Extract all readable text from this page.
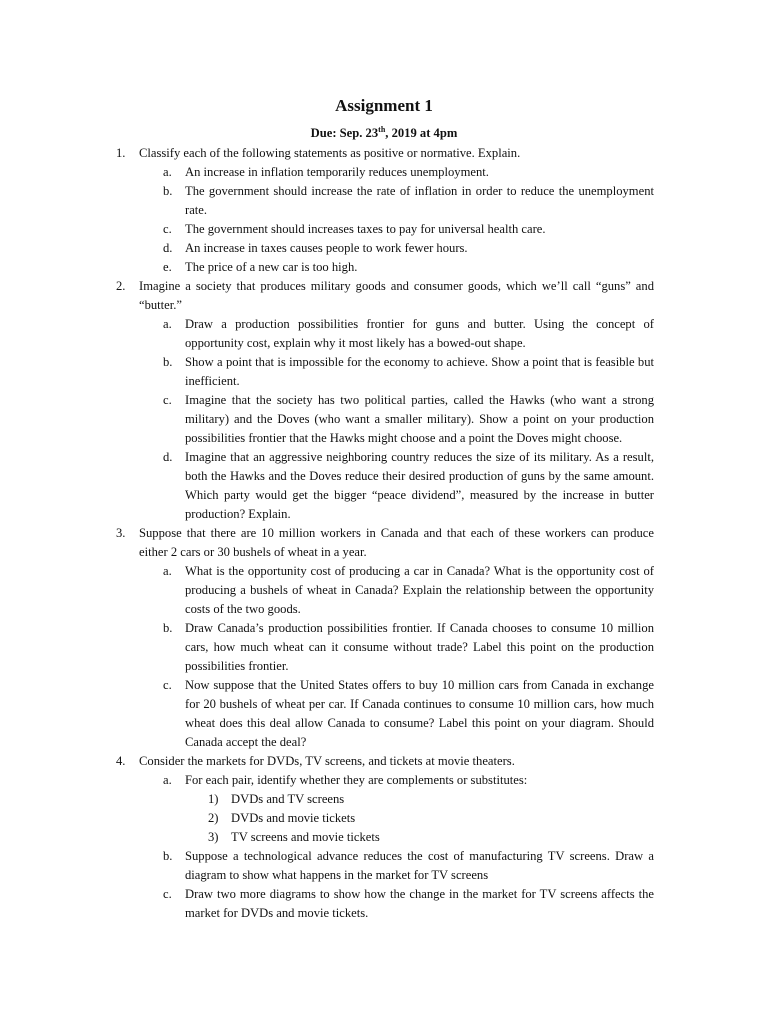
Assignment 1
Due: Sep. 23th, 2019 at 4pm
1. Classify each of the following statements as positive or normative. Explain.
a. An increase in inflation temporarily reduces unemployment.
b. The government should increase the rate of inflation in order to reduce the unemployment rate.
c. The government should increases taxes to pay for universal health care.
d. An increase in taxes causes people to work fewer hours.
e. The price of a new car is too high.
2. Imagine a society that produces military goods and consumer goods, which we’ll call “guns” and “butter.”
a. Draw a production possibilities frontier for guns and butter. Using the concept of opportunity cost, explain why it most likely has a bowed-out shape.
b. Show a point that is impossible for the economy to achieve. Show a point that is feasible but inefficient.
c. Imagine that the society has two political parties, called the Hawks (who want a strong military) and the Doves (who want a smaller military). Show a point on your production possibilities frontier that the Hawks might choose and a point the Doves might choose.
d. Imagine that an aggressive neighboring country reduces the size of its military. As a result, both the Hawks and the Doves reduce their desired production of guns by the same amount. Which party would get the bigger “peace dividend”, measured by the increase in butter production? Explain.
3. Suppose that there are 10 million workers in Canada and that each of these workers can produce either 2 cars or 30 bushels of wheat in a year.
a. What is the opportunity cost of producing a car in Canada? What is the opportunity cost of producing a bushels of wheat in Canada? Explain the relationship between the opportunity costs of the two goods.
b. Draw Canada’s production possibilities frontier. If Canada chooses to consume 10 million cars, how much wheat can it consume without trade? Label this point on the production possibilities frontier.
c. Now suppose that the United States offers to buy 10 million cars from Canada in exchange for 20 bushels of wheat per car. If Canada continues to consume 10 million cars, how much wheat does this deal allow Canada to consume? Label this point on your diagram. Should Canada accept the deal?
4. Consider the markets for DVDs, TV screens, and tickets at movie theaters.
a. For each pair, identify whether they are complements or substitutes:
1) DVDs and TV screens
2) DVDs and movie tickets
3) TV screens and movie tickets
b. Suppose a technological advance reduces the cost of manufacturing TV screens. Draw a diagram to show what happens in the market for TV screens
c. Draw two more diagrams to show how the change in the market for TV screens affects the market for DVDs and movie tickets.
